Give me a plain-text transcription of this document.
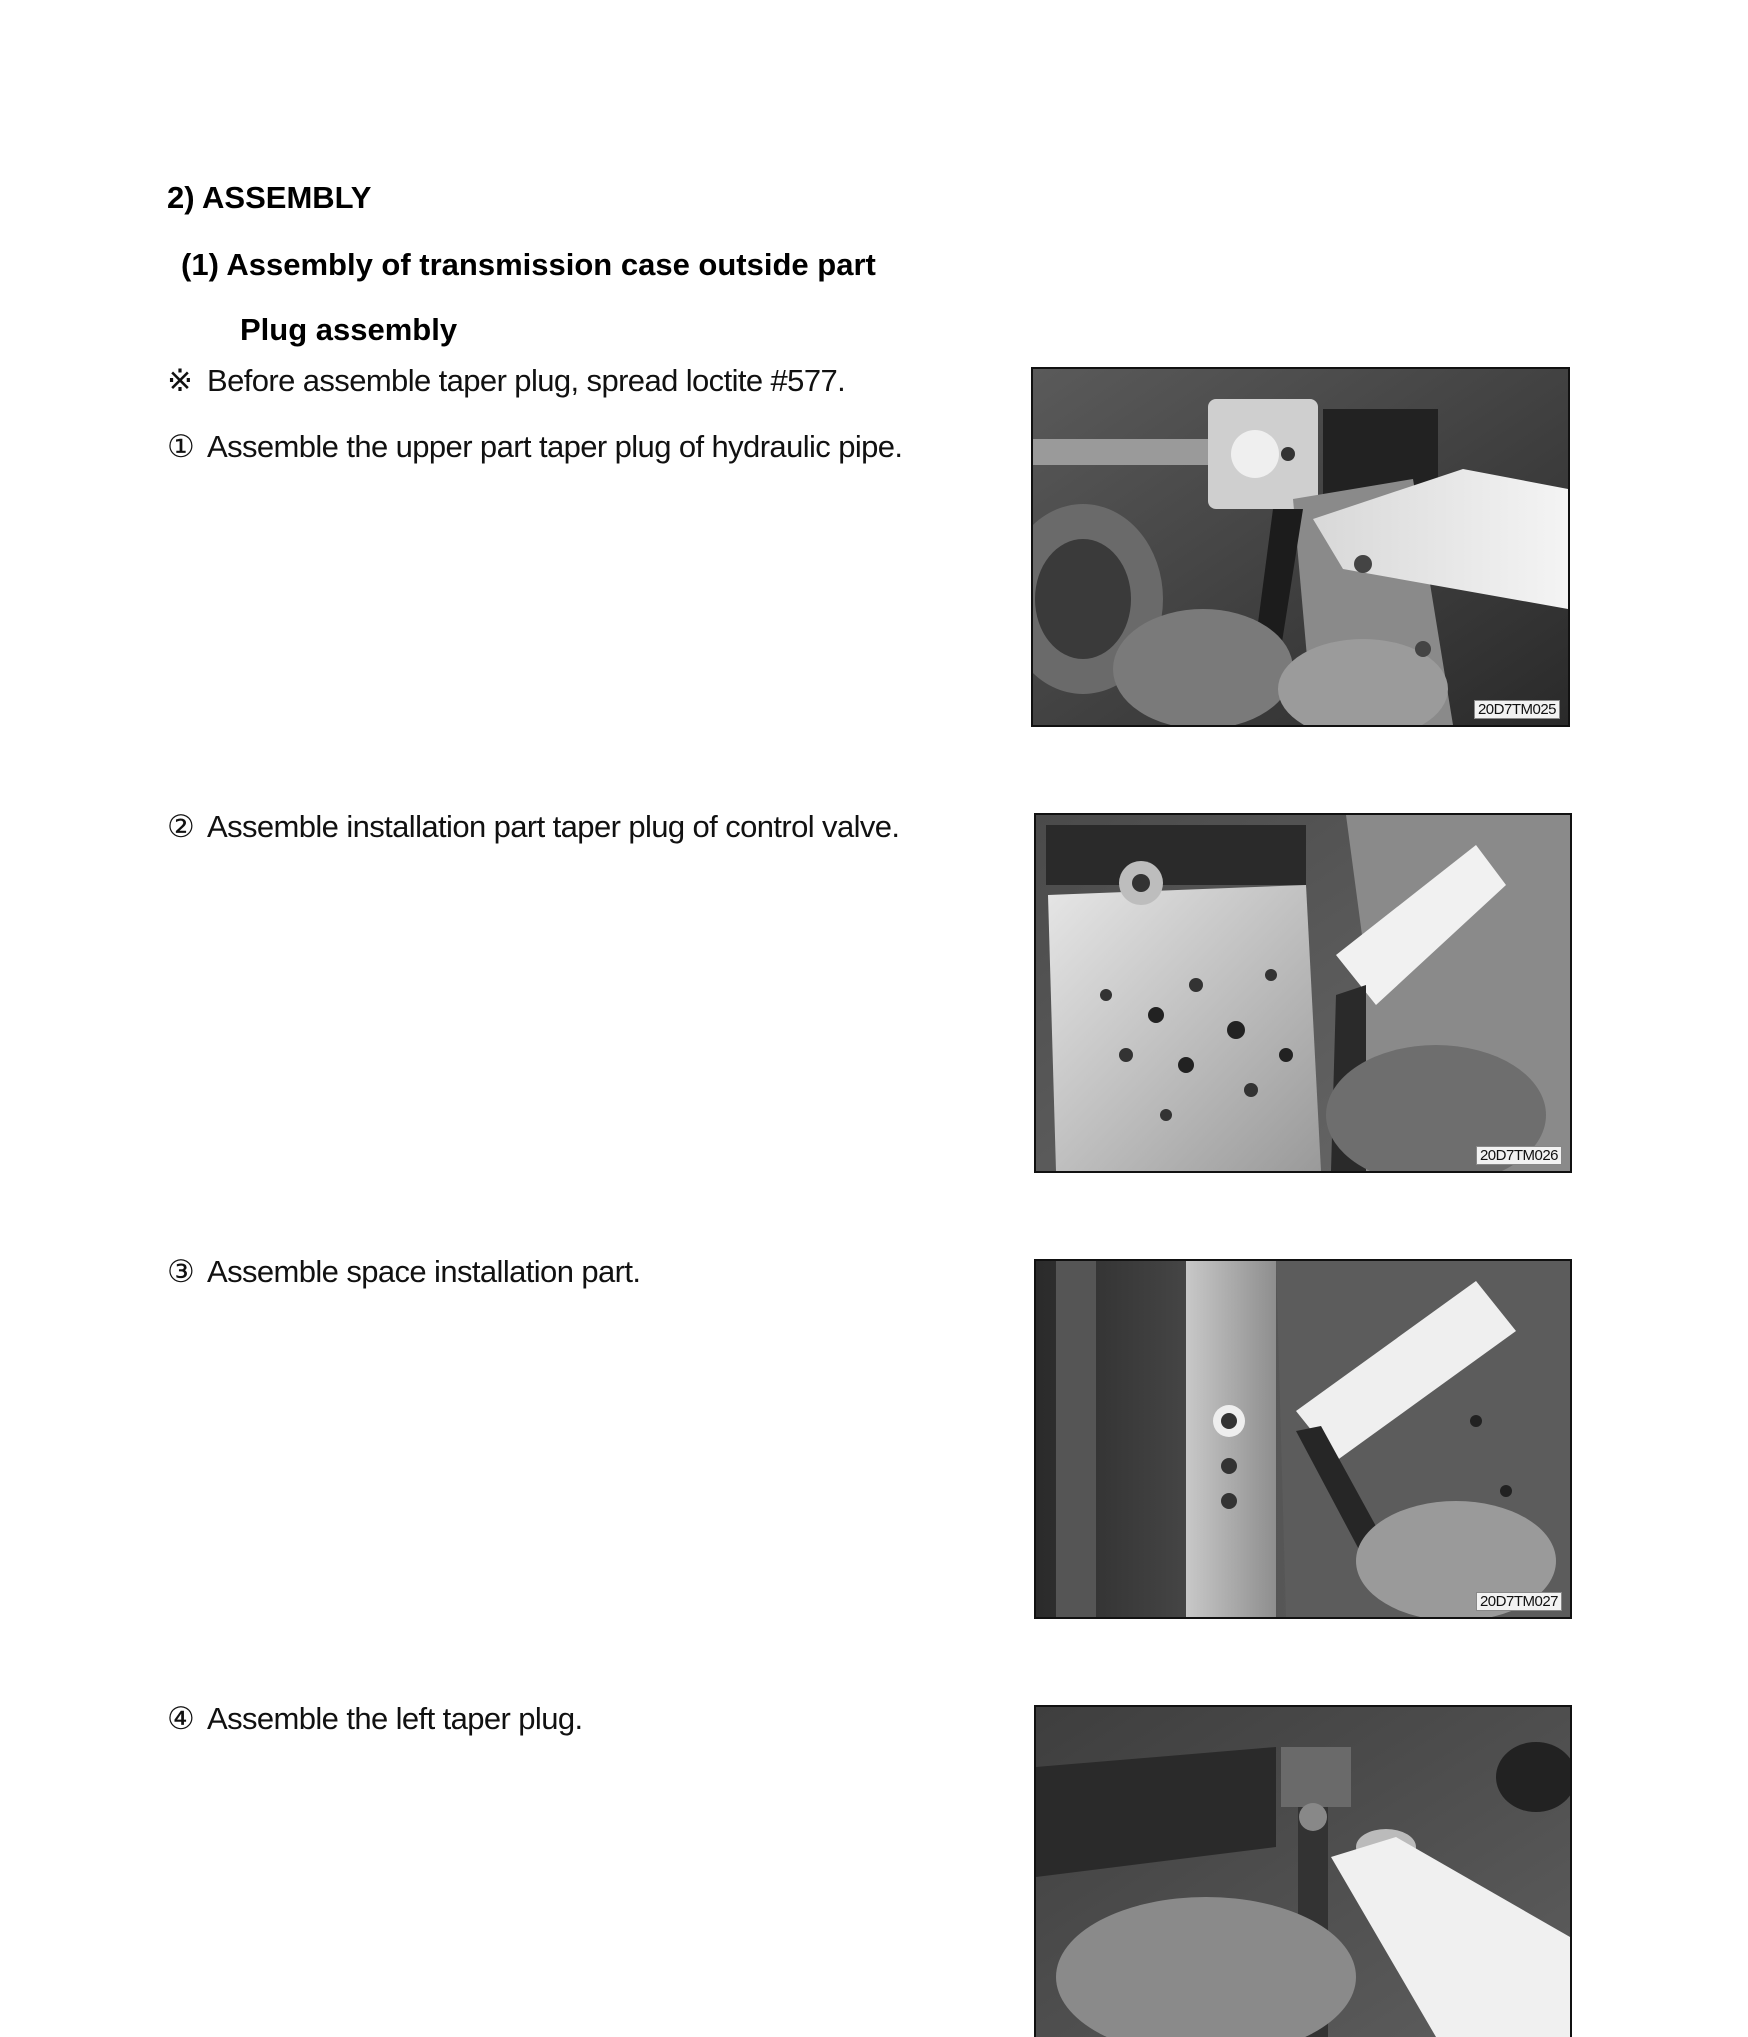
2) ASSEMBLY
(1) Assembly of transmission case outside part
Plug assembly
※ Before assemble taper plug, spread loctite #577.
① Assemble the upper part taper plug of hydraulic pipe.
② Assemble installation part taper plug of control valve.
③ Assemble space installation part.
④ Assemble the left taper plug.
20D7TM025
20D7TM026
20D7TM027
